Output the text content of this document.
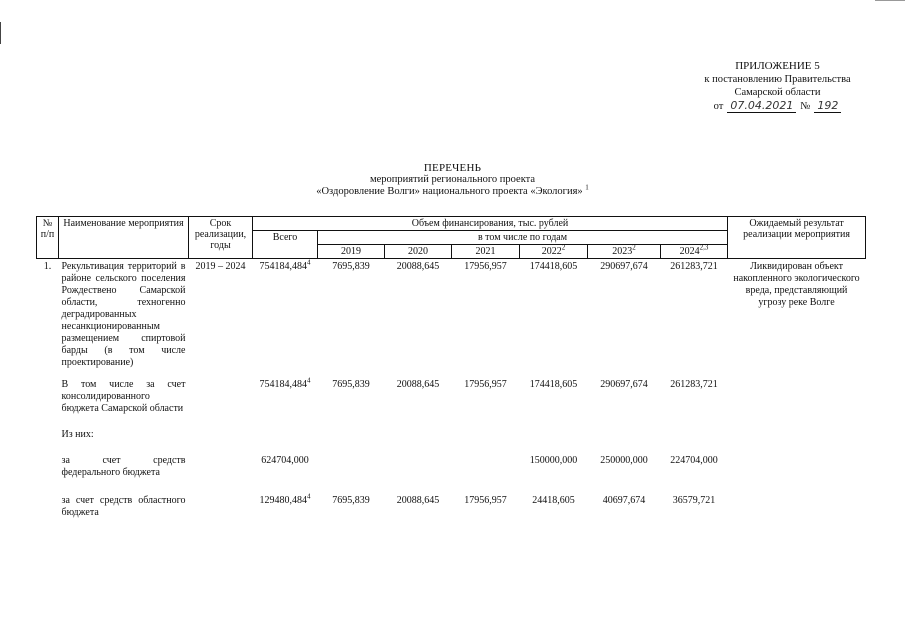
ПРИЛОЖЕНИЕ 5
к постановлению Правительства
Самарской области
от 07.04.2021 № 192
ПЕРЕЧЕНЬ
мероприятий регионального проекта
«Оздоровление Волги» национального проекта «Экология» $^1$
№ п/п	Наименование мероприятия	Срок реализации, годы	Объем финансирования, тыс. рублей							Ожидаемый результат реализации мероприятия
			Всего	в том числе по годам						
				2019	2020	2021	2022$^2$	2023$^2$	2024$^{2,3}$
1.	Рекультивация территорий в районе сельского поселения Рождествено Самарской области, техногенно деградированных несанкционированным размещением спиртовой барды (в том числе проектирование)	2019 – 2024	754184,484$^4$	7695,839	20088,645	17956,957	174418,605	290697,674	261283,721	Ликвидирован объект накопленного экологического вреда, представляющий угрозу реке Волге
	В том числе за счет консолидированного бюджета Самарской области		754184,484$^4$	7695,839	20088,645	17956,957	174418,605	290697,674	261283,721	
	Из них:									
	за счет средств федерального бюджета		624704,000				150000,000	250000,000	224704,000	
	за счет средств областного бюджета		129480,484$^4$	7695,839	20088,645	17956,957	24418,605	40697,674	36579,721	
